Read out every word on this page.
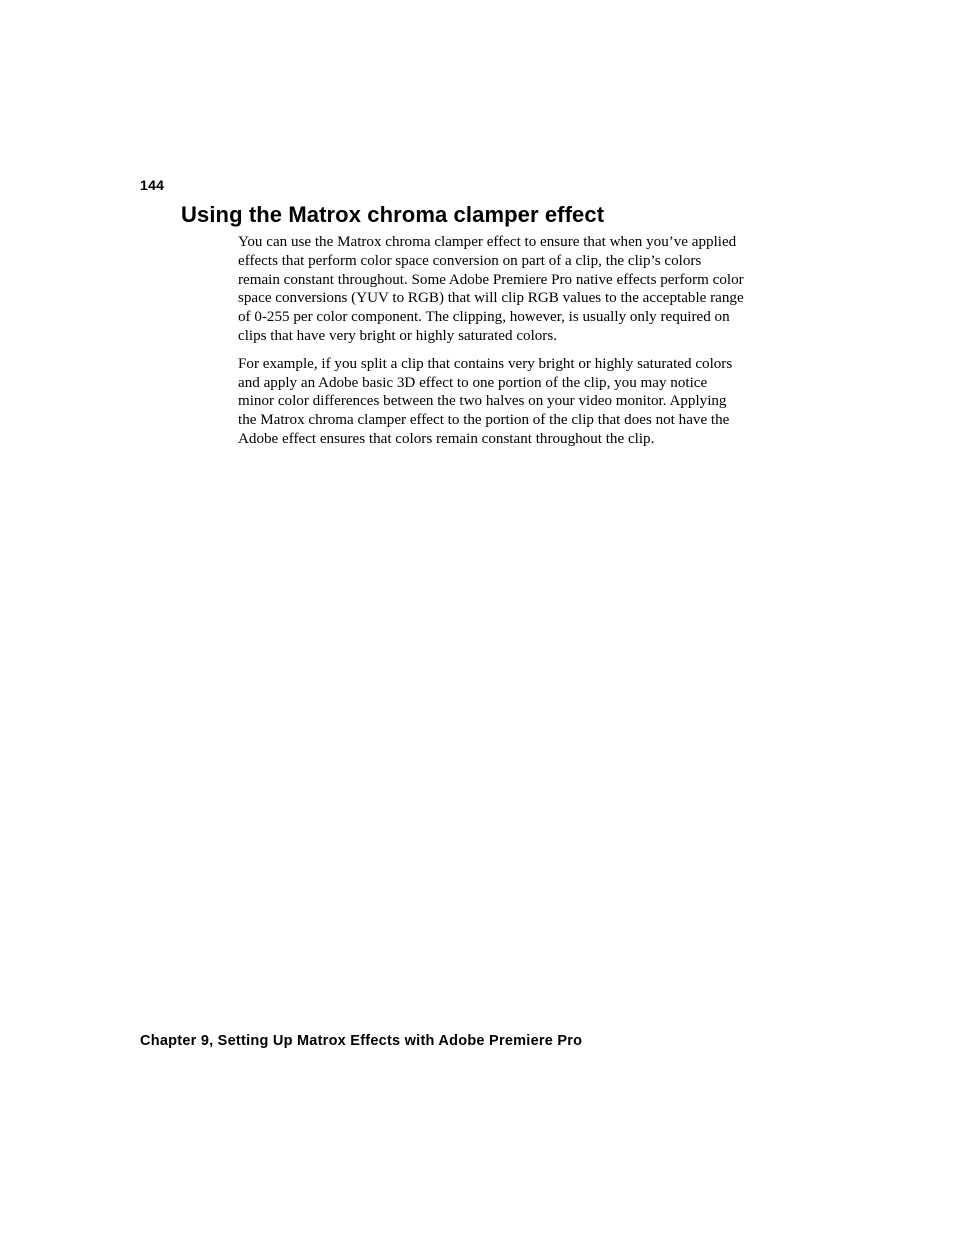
144
Using the Matrox chroma clamper effect

You can use the Matrox chroma clamper effect to ensure that when you’ve applied effects that perform color space conversion on part of a clip, the clip’s colors remain constant throughout. Some Adobe Premiere Pro native effects perform color space conversions (YUV to RGB) that will clip RGB values to the acceptable range of 0-255 per color component. The clipping, however, is usually only required on clips that have very bright or highly saturated colors.

For example, if you split a clip that contains very bright or highly saturated colors and apply an Adobe basic 3D effect to one portion of the clip, you may notice minor color differences between the two halves on your video monitor. Applying the Matrox chroma clamper effect to the portion of the clip that does not have the Adobe effect ensures that colors remain constant throughout the clip.

Chapter 9, Setting Up Matrox Effects with Adobe Premiere Pro
